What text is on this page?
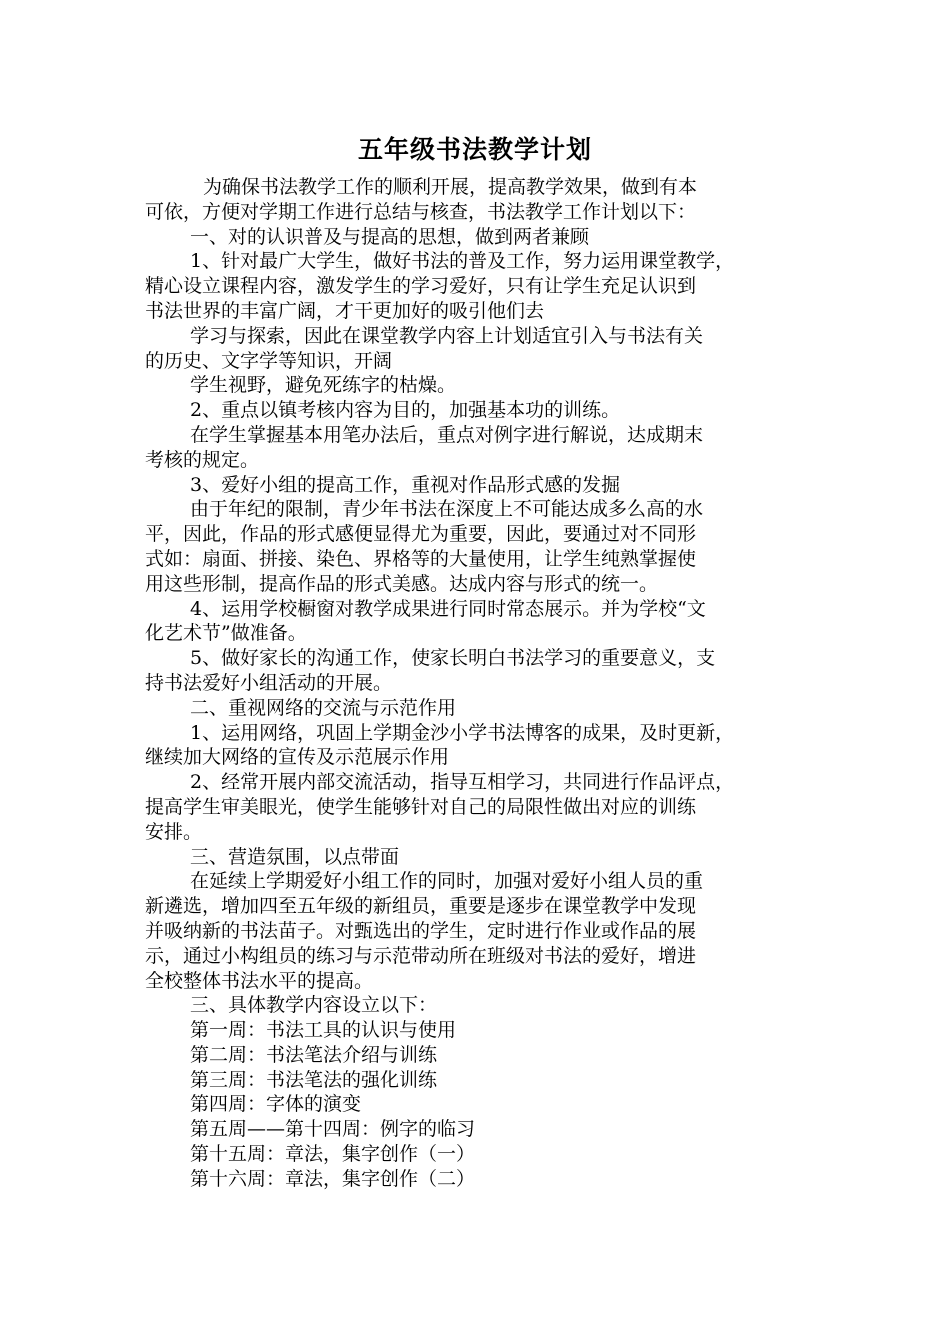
五年级书法教学计划
为确保书法教学工作的顺利开展，提高教学效果，做到有本
可依，方便对学期工作进行总结与核查，书法教学工作计划以下：
一、对的认识普及与提高的思想，做到两者兼顾
1、针对最广大学生，做好书法的普及工作，努力运用课堂教学，
精心设立课程内容，激发学生的学习爱好，只有让学生充足认识到
书法世界的丰富广阔，才干更加好的吸引他们去
学习与探索，因此在课堂教学内容上计划适宜引入与书法有关
的历史、文字学等知识，开阔
学生视野，避免死练字的枯燥。
2、重点以镇考核内容为目的，加强基本功的训练。
在学生掌握基本用笔办法后，重点对例字进行解说，达成期末
考核的规定。
3、爱好小组的提高工作，重视对作品形式感的发掘
由于年纪的限制，青少年书法在深度上不可能达成多么高的水
平，因此，作品的形式感便显得尤为重要，因此，要通过对不同形
式如：扇面、拼接、染色、界格等的大量使用，让学生纯熟掌握使
用这些形制，提高作品的形式美感。达成内容与形式的统一。
4、运用学校橱窗对教学成果进行同时常态展示。并为学校“文
化艺术节”做准备。
5、做好家长的沟通工作，使家长明白书法学习的重要意义，支
持书法爱好小组活动的开展。
二、重视网络的交流与示范作用
1、运用网络，巩固上学期金沙小学书法博客的成果，及时更新，
继续加大网络的宣传及示范展示作用
2、经常开展内部交流活动，指导互相学习，共同进行作品评点，
提高学生审美眼光，使学生能够针对自己的局限性做出对应的训练
安排。
三、营造氛围，以点带面
在延续上学期爱好小组工作的同时，加强对爱好小组人员的重
新遴选，增加四至五年级的新组员，重要是逐步在课堂教学中发现
并吸纳新的书法苗子。对甄选出的学生，定时进行作业或作品的展
示，通过小构组员的练习与示范带动所在班级对书法的爱好，增进
全校整体书法水平的提高。
三、具体教学内容设立以下：
第一周：书法工具的认识与使用
第二周：书法笔法介绍与训练
第三周：书法笔法的强化训练
第四周：字体的演变
第五周——第十四周：例字的临习
第十五周：章法，集字创作（一）
第十六周：章法，集字创作（二）
